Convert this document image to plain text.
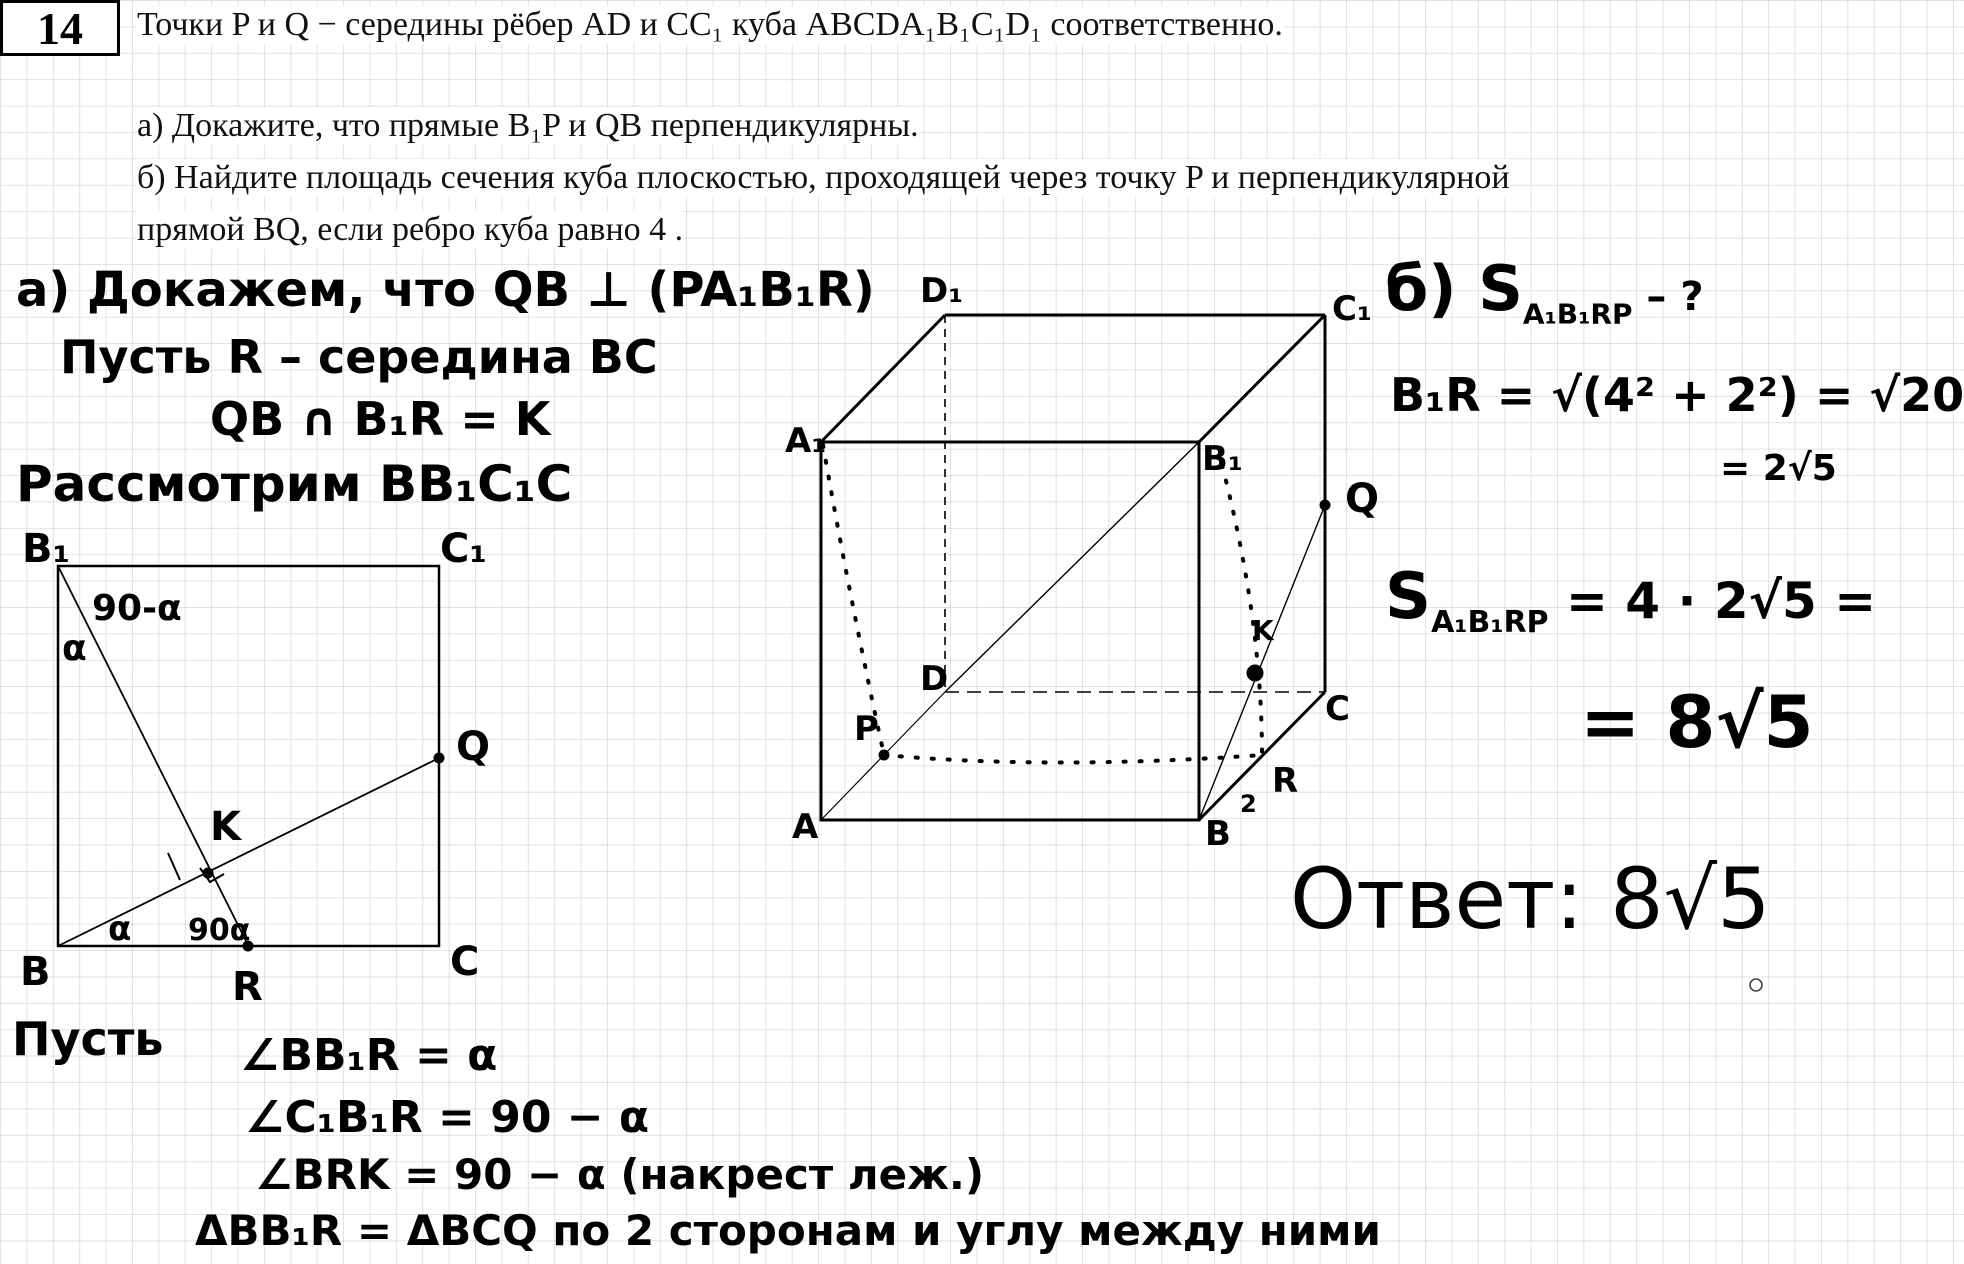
14	Точки P и Q − середины рёбер AD и CC₁ куба ABCDA₁B₁C₁D₁ соответственно.
а) Докажите, что прямые B₁P и QB перпендикулярны.
б) Найдите площадь сечения куба плоскостью, проходящей через точку P и перпендикулярной
прямой BQ, если ребро куба равно 4 .
а) Докажем, что QB ⊥ (PA₁B₁R)
Пусть R – середина BC
QB ∩ B₁R = K
Рассмотрим BB₁C₁C
Пусть ∠BB₁R = α
∠C₁B₁R = 90 − α
∠BRK = 90 − α (накрест леж.)
ΔBB₁R = ΔBCQ по 2 сторонам и углу между ними
б) $S_{A_1B_1RP}$ – ?
B₁R = √(4² + 2²) = √20
= 2√5
$S_{A_1B_1RP} = 4 \cdot 2√5$ =
= 8√5
Ответ: 8√5
B₁	C₁
B	C
Q
K
R
90-α
α
α 90α
D₁	C₁
A₁	B₁
Q
K
D
C
P
R
A	B
2
